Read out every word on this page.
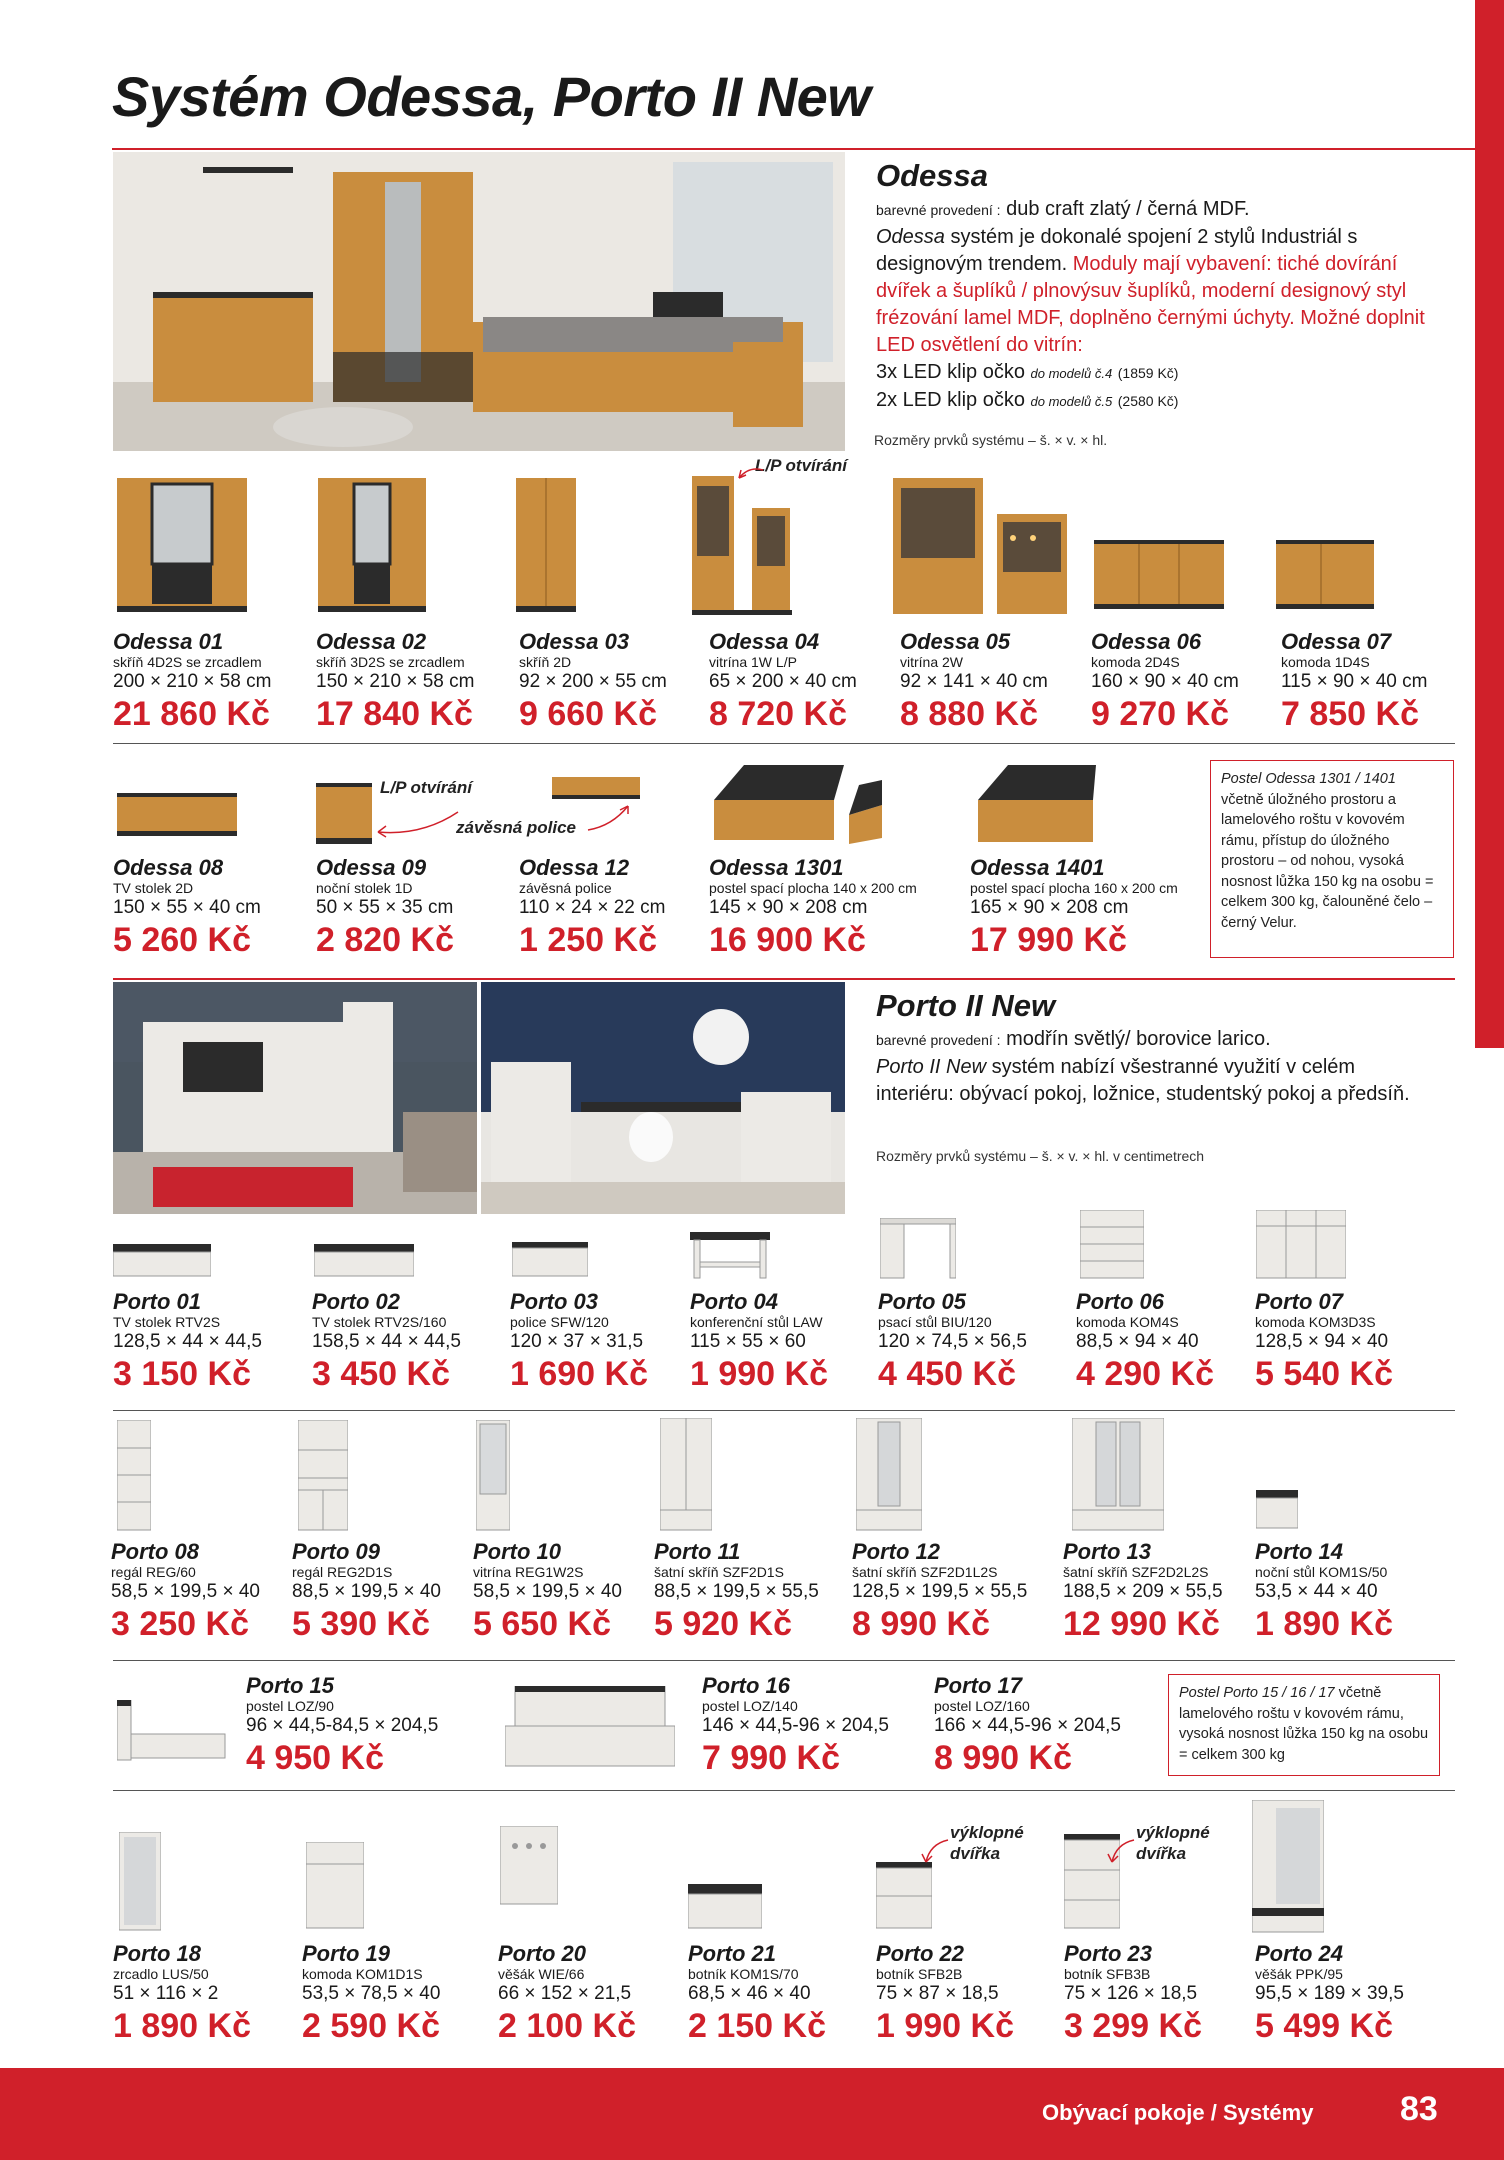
Systém Odessa, Porto II New
Odessa
barevné provedení : dub craft zlatý / černá MDF.
Odessa systém je dokonalé spojení 2 stylů Industriál s designovým trendem. Moduly mají vybavení: tiché dovírání dvířek a šuplíků / plnovýsuv šuplíků, moderní designový styl frézování lamel MDF, doplněno černými úchyty. Možné doplnit LED osvětlení do vitrín:
3x LED klip očko do modelů č.4 (1859 Kč)
2x LED klip očko do modelů č.5 (2580 Kč)
Rozměry prvků systému – š. × v. × hl.
L/P otvírání
Odessa 01
skříň 4D2S se zrcadlem
200 × 210 × 58 cm
21 860 Kč
Odessa 02
skříň 3D2S se zrcadlem
150 × 210 × 58 cm
17 840 Kč
Odessa 03
skříň 2D
92 × 200 × 55 cm
9 660 Kč
Odessa 04
vitrína 1W L/P
65 × 200 × 40 cm
8 720 Kč
Odessa 05
vitrína 2W
92 × 141 × 40 cm
8 880 Kč
Odessa 06
komoda 2D4S
160 × 90 × 40 cm
9 270 Kč
Odessa 07
komoda 1D4S
115 × 90 × 40 cm
7 850 Kč
L/P otvírání
závěsná police
Odessa 08
TV stolek 2D
150 × 55 × 40 cm
5 260 Kč
Odessa 09
noční stolek 1D
50 × 55 × 35 cm
2 820 Kč
Odessa 12
závěsná police
110 × 24 × 22 cm
1 250 Kč
Odessa 1301
postel spací plocha 140 x 200 cm
145 × 90 × 208 cm
16 900 Kč
Odessa 1401
postel spací plocha 160 x 200 cm
165 × 90 × 208 cm
17 990 Kč
Postel Odessa 1301 / 1401
včetně úložného prostoru a lamelového roštu v kovovém rámu, přístup do úložného prostoru – od nohou, vysoká nosnost lůžka 150 kg na osobu = celkem 300 kg, čalouněné čelo – černý Velur.
Porto II New
barevné provedení : modřín světlý/ borovice larico.
Porto II New systém nabízí všestranné využití v celém interiéru: obývací pokoj, ložnice, studentský pokoj a předsíň.
Rozměry prvků systému – š. × v. × hl. v centimetrech
Porto 01
TV stolek RTV2S
128,5 × 44 × 44,5
3 150 Kč
Porto 02
TV stolek RTV2S/160
158,5 × 44 × 44,5
3 450 Kč
Porto 03
police SFW/120
120 × 37 × 31,5
1 690 Kč
Porto 04
konferenční stůl LAW
115 × 55 × 60
1 990 Kč
Porto 05
psací stůl BIU/120
120 × 74,5 × 56,5
4 450 Kč
Porto 06
komoda KOM4S
88,5 × 94 × 40
4 290 Kč
Porto 07
komoda KOM3D3S
128,5 × 94 × 40
5 540 Kč
Porto 08
regál REG/60
58,5 × 199,5 × 40
3 250 Kč
Porto 09
regál REG2D1S
88,5 × 199,5 × 40
5 390 Kč
Porto 10
vitrína REG1W2S
58,5 × 199,5 × 40
5 650 Kč
Porto 11
šatní skříň SZF2D1S
88,5 × 199,5 × 55,5
5 920 Kč
Porto 12
šatní skříň SZF2D1L2S
128,5 × 199,5 × 55,5
8 990 Kč
Porto 13
šatní skříň SZF2D2L2S
188,5 × 209 × 55,5
12 990 Kč
Porto 14
noční stůl KOM1S/50
53,5 × 44 × 40
1 890 Kč
Porto 15
postel LOZ/90
96 × 44,5-84,5 × 204,5
4 950 Kč
Porto 16
postel LOZ/140
146 × 44,5-96 × 204,5
7 990 Kč
Porto 17
postel LOZ/160
166 × 44,5-96 × 204,5
8 990 Kč
Postel Porto 15 / 16 / 17 včetně lamelového roštu v kovovém rámu, vysoká nosnost lůžka 150 kg na osobu = celkem 300 kg
výklopné dvířka
výklopné dvířka
Porto 18
zrcadlo LUS/50
51 × 116 × 2
1 890 Kč
Porto 19
komoda KOM1D1S
53,5 × 78,5 × 40
2 590 Kč
Porto 20
věšák WIE/66
66 × 152 × 21,5
2 100 Kč
Porto 21
botník KOM1S/70
68,5 × 46 × 40
2 150 Kč
Porto 22
botník SFB2B
75 × 87 × 18,5
1 990 Kč
Porto 23
botník SFB3B
75 × 126 × 18,5
3 299 Kč
Porto 24
věšák PPK/95
95,5 × 189 × 39,5
5 499 Kč
Obývací pokoje / Systémy	83
